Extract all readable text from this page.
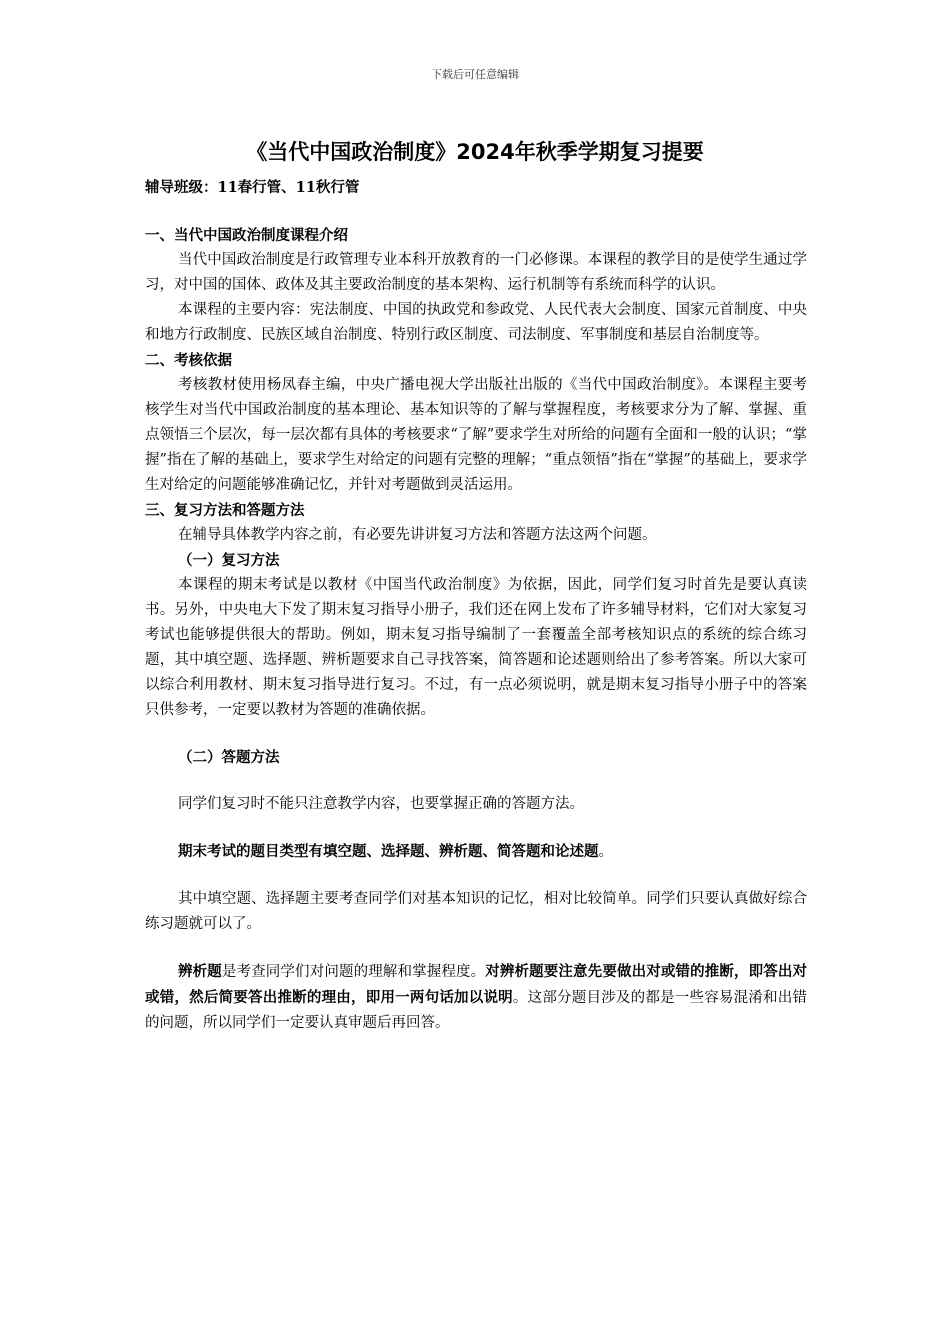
下载后可任意编辑
《当代中国政治制度》2024年秋季学期复习提要

辅导班级：11春行管、11秋行管

一、当代中国政治制度课程介绍

当代中国政治制度是行政管理专业本科开放教育的一门必修课。本课程的教学目的是使学生通过学习，对中国的国体、政体及其主要政治制度的基本架构、运行机制等有系统而科学的认识。

本课程的主要内容：宪法制度、中国的执政党和参政党、人民代表大会制度、国家元首制度、中央和地方行政制度、民族区域自治制度、特别行政区制度、司法制度、军事制度和基层自治制度等。

二、考核依据

考核教材使用杨凤春主编，中央广播电视大学出版社出版的《当代中国政治制度》。本课程主要考核学生对当代中国政治制度的基本理论、基本知识等的了解与掌握程度，考核要求分为了解、掌握、重点领悟三个层次，每一层次都有具体的考核要求“了解”要求学生对所给的问题有全面和一般的认识；“掌握”指在了解的基础上，要求学生对给定的问题有完整的理解；“重点领悟”指在“掌握”的基础上，要求学生对给定的问题能够准确记忆，并针对考题做到灵活运用。

三、复习方法和答题方法

在辅导具体教学内容之前，有必要先讲讲复习方法和答题方法这两个问题。

（一）复习方法

本课程的期末考试是以教材《中国当代政治制度》为依据，因此，同学们复习时首先是要认真读书。另外，中央电大下发了期末复习指导小册子，我们还在网上发布了许多辅导材料，它们对大家复习考试也能够提供很大的帮助。例如，期末复习指导编制了一套覆盖全部考核知识点的系统的综合练习题，其中填空题、选择题、辨析题要求自己寻找答案，简答题和论述题则给出了参考答案。所以大家可以综合利用教材、期末复习指导进行复习。不过，有一点必须说明，就是期末复习指导小册子中的答案只供参考，一定要以教材为答题的准确依据。

（二）答题方法

同学们复习时不能只注意教学内容，也要掌握正确的答题方法。

期末考试的题目类型有填空题、选择题、辨析题、简答题和论述题。

其中填空题、选择题主要考查同学们对基本知识的记忆，相对比较简单。同学们只要认真做好综合练习题就可以了。

辨析题是考查同学们对问题的理解和掌握程度。对辨析题要注意先要做出对或错的推断，即答出对或错，然后简要答出推断的理由，即用一两句话加以说明。这部分题目涉及的都是一些容易混淆和出错的问题，所以同学们一定要认真审题后再回答。
